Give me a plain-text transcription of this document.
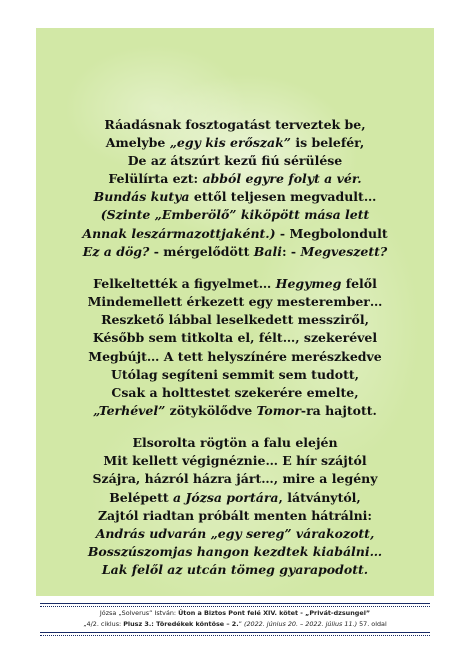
Ráadásnak fosztogatást terveztek be,
Amelybe „egy kis erőszak” is belefér,
De az átszúrt kezű fiú sérülése
Felülírta ezt: abból egyre folyt a vér.
Bundás kutya ettől teljesen megvadult…
(Szinte „Emberölő” kiköpött mása lett
Annak leszármazottjaként.) - Megbolondult
Ez a dög? - mérgelődött Bali: - Megveszett?
Felkeltették a figyelmet… Hegymeg felől
Mindemellett érkezett egy mesterember…
Reszkető lábbal leselkedett messziről,
Később sem titkolta el, félt…, szekerével
Megbújt… A tett helyszínére merészkedve
Utólag segíteni semmit sem tudott,
Csak a holttestet szekerére emelte,
„Terhével” zötykölődve Tomor-ra hajtott.
Elsorolta rögtön a falu elején
Mit kellett végignéznie… E hír szájtól
Szájra, házról házra járt…, mire a legény
Belépett a Józsa portára, látványtól,
Zajtól riadtan próbált menten hátrálni:
András udvarán „egy sereg” várakozott,
Bosszúszomjas hangon kezdtek kiabálni…
Lak felől az utcán tömeg gyarapodott.
Józsa „Solverus” István: Úton a Biztos Pont felé XIV. kötet - „Privát-dzsungel”
„4/2. ciklus: Plusz 3.: Töredékek köntöse – 2.” (2022. június 20. – 2022. július 11.) 57. oldal
